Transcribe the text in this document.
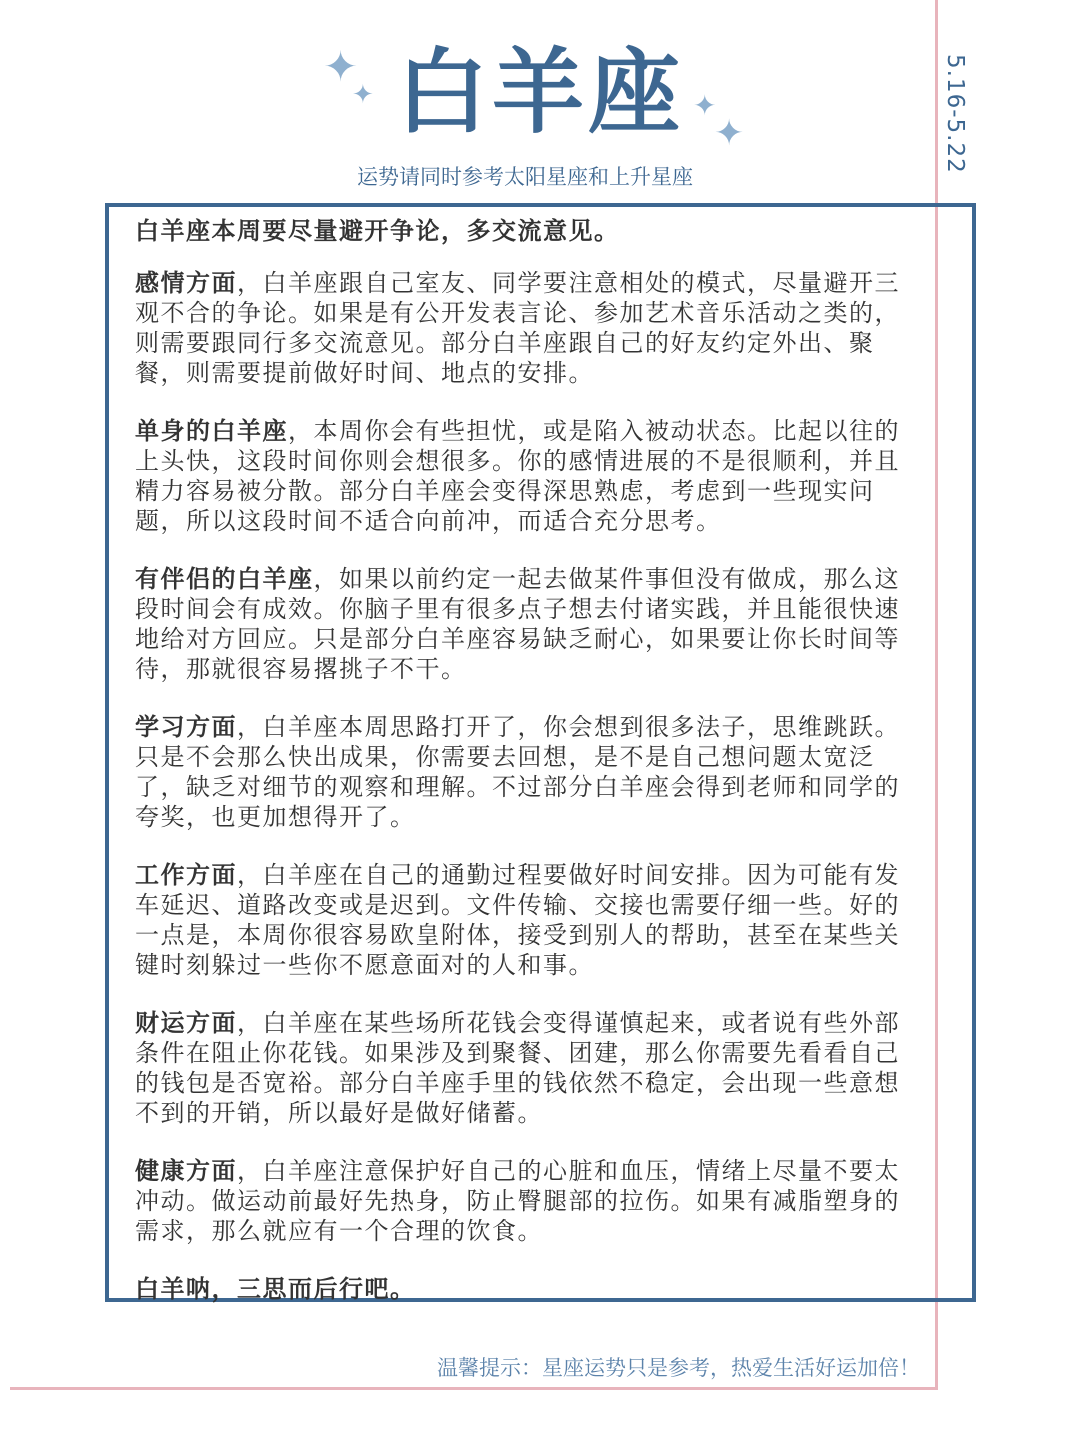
5.16-5.22
✦
✦ 白羊座 ✦
✦
运势请同时参考太阳星座和上升星座

白羊座本周要尽量避开争论，多交流意见。

感情方面，白羊座跟自己室友、同学要注意相处的模式，尽量避开三观不合的争论。如果是有公开发表言论、参加艺术音乐活动之类的，则需要跟同行多交流意见。部分白羊座跟自己的好友约定外出、聚餐，则需要提前做好时间、地点的安排。

单身的白羊座，本周你会有些担忧，或是陷入被动状态。比起以往的上头快，这段时间你则会想很多。你的感情进展的不是很顺利，并且精力容易被分散。部分白羊座会变得深思熟虑，考虑到一些现实问题，所以这段时间不适合向前冲，而适合充分思考。

有伴侣的白羊座，如果以前约定一起去做某件事但没有做成，那么这段时间会有成效。你脑子里有很多点子想去付诸实践，并且能很快速地给对方回应。只是部分白羊座容易缺乏耐心，如果要让你长时间等待，那就很容易撂挑子不干。

学习方面，白羊座本周思路打开了，你会想到很多法子，思维跳跃。只是不会那么快出成果，你需要去回想，是不是自己想问题太宽泛了，缺乏对细节的观察和理解。不过部分白羊座会得到老师和同学的夸奖，也更加想得开了。

工作方面，白羊座在自己的通勤过程要做好时间安排。因为可能有发车延迟、道路改变或是迟到。文件传输、交接也需要仔细一些。好的一点是，本周你很容易欧皇附体，接受到别人的帮助，甚至在某些关键时刻躲过一些你不愿意面对的人和事。

财运方面，白羊座在某些场所花钱会变得谨慎起来，或者说有些外部条件在阻止你花钱。如果涉及到聚餐、团建，那么你需要先看看自己的钱包是否宽裕。部分白羊座手里的钱依然不稳定，会出现一些意想不到的开销，所以最好是做好储蓄。

健康方面，白羊座注意保护好自己的心脏和血压，情绪上尽量不要太冲动。做运动前最好先热身，防止臀腿部的拉伤。如果有减脂塑身的需求，那么就应有一个合理的饮食。

白羊呐，三思而后行吧。

温馨提示：星座运势只是参考，热爱生活好运加倍！
